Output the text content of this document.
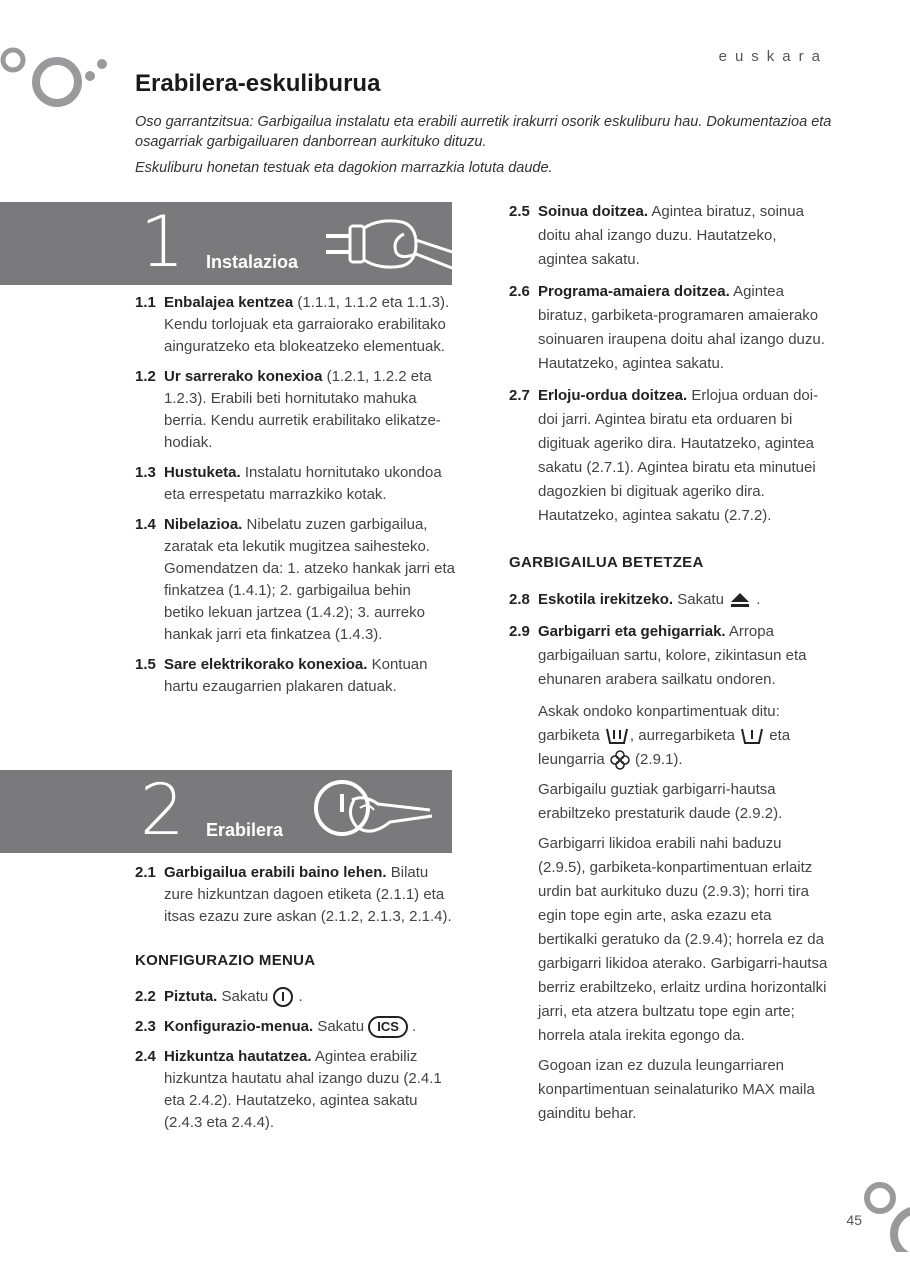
euskara
Erabilera-eskuliburua

Oso garrantzitsua: Garbigailua instalatu eta erabili aurretik irakurri osorik eskuliburu hau. Dokumentazioa eta osagarriak garbigailuaren danborrean aurkituko dituzu.

Eskuliburu honetan testuak eta dagokion marrazkia lotuta daude.

1 Instalazioa
1.1 Enbalajea kentzea (1.1.1, 1.1.2 eta 1.1.3). Kendu torlojuak eta garraiorako erabilitako ainguratzeko eta blokeatzeko elementuak.
1.2 Ur sarrerako konexioa (1.2.1, 1.2.2 eta 1.2.3). Erabili beti hornitutako mahuka berria. Kendu aurretik erabilitako elikatze-hodiak.
1.3 Hustuketa. Instalatu hornitutako ukondoa eta errespetatu marrazkiko kotak.
1.4 Nibelazioa. Nibelatu zuzen garbigailua, zaratak eta lekutik mugitzea saihesteko. Gomendatzen da: 1. atzeko hankak jarri eta finkatzea (1.4.1); 2. garbigailua behin betiko lekuan jartzea (1.4.2); 3. aurreko hankak jarri eta finkatzea (1.4.3).
1.5 Sare elektrikorako konexioa. Kontuan hartu ezaugarrien plakaren datuak.
2 Erabilera
2.1 Garbigailua erabili baino lehen. Bilatu zure hizkuntzan dagoen etiketa (2.1.1) eta itsas ezazu zure askan (2.1.2, 2.1.3, 2.1.4).
KONFIGURAZIO MENUA
2.2 Piztuta. Sakatu  .
2.3 Konfigurazio-menua. Sakatu ICS .
2.4 Hizkuntza hautatzea. Agintea erabiliz hizkuntza hautatu ahal izango duzu (2.4.1 eta 2.4.2). Hautatzeko, agintea sakatu (2.4.3 eta 2.4.4).
2.5 Soinua doitzea. Agintea biratuz, soinua doitu ahal izango duzu. Hautatzeko, agintea sakatu.
2.6 Programa-amaiera doitzea. Agintea biratuz, garbiketa-programaren amaierako soinuaren iraupena doitu ahal izango duzu. Hautatzeko, agintea sakatu.
2.7 Erloju-ordua doitzea. Erlojua orduan doi-doi jarri. Agintea biratu eta orduaren bi digituak ageriko dira. Hautatzeko, agintea sakatu (2.7.1). Agintea biratu eta minutuei dagozkien bi digituak ageriko dira. Hautatzeko, agintea sakatu (2.7.2).
GARBIGAILUA BETETZEA
2.8 Eskotila irekitzeko. Sakatu  .
2.9 Garbigarri eta gehigarriak. Arropa garbigailuan sartu, kolore, zikintasun eta ehunaren arabera sailkatu ondoren.
Askak ondoko konpartimentuak ditu: garbiketa , aurregarbiketa  eta leungarria  (2.9.1).
Garbigailu guztiak garbigarri-hautsa erabiltzeko prestaturik daude (2.9.2).
Garbigarri likidoa erabili nahi baduzu (2.9.5), garbiketa-konpartimentuan erlaitz urdin bat aurkituko duzu (2.9.3); horri tira egin tope egin arte, aska ezazu eta bertikalki geratuko da (2.9.4); horrela ez da garbigarri likidoa aterako. Garbigarri-hautsa berriz erabiltzeko, erlaitz urdina horizontalki jarri, eta atzera bultzatu tope egin arte; horrela atala irekita egongo da.
Gogoan izan ez duzula leungarriaren konpartimentuan seinalaturiko MAX maila gainditu behar.
45
